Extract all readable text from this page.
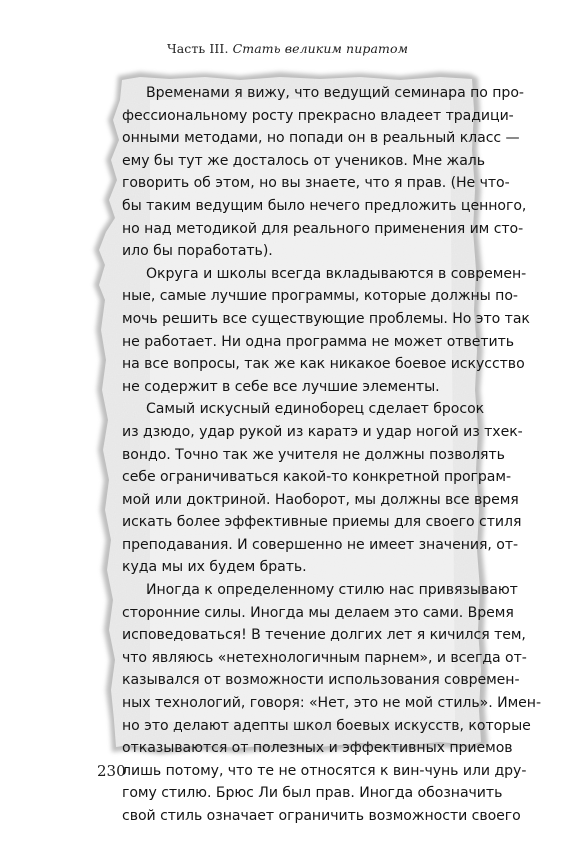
Часть III. Стать великим пиратом
Временами я вижу, что ведущий семинара по про-
фессиональному росту прекрасно владеет традици-
онными методами, но попади он в реальный класс —
ему бы тут же досталось от учеников. Мне жаль
говорить об этом, но вы знаете, что я прав. (Не что-
бы таким ведущим было нечего предложить ценного,
но над методикой для реального применения им сто-
ило бы поработать).
Округа и школы всегда вкладываются в современ-
ные, самые лучшие программы, которые должны по-
мочь решить все существующие проблемы. Но это так
не работает. Ни одна программа не может ответить
на все вопросы, так же как никакое боевое искусство
не содержит в себе все лучшие элементы.
Самый искусный единоборец сделает бросок
из дзюдо, удар рукой из каратэ и удар ногой из тхек-
вондо. Точно так же учителя не должны позволять
себе ограничиваться какой-то конкретной програм-
мой или доктриной. Наоборот, мы должны все время
искать более эффективные приемы для своего стиля
преподавания. И совершенно не имеет значения, от-
куда мы их будем брать.
Иногда к определенному стилю нас привязывают
сторонние силы. Иногда мы делаем это сами. Время
исповедоваться! В течение долгих лет я кичился тем,
что являюсь «нетехнологичным парнем», и всегда от-
казывался от возможности использования современ-
ных технологий, говоря: «Нет, это не мой стиль». Имен-
но это делают адепты школ боевых искусств, которые
отказываются от полезных и эффективных приемов
лишь потому, что те не относятся к вин-чунь или дру-
гому стилю. Брюс Ли был прав. Иногда обозначить
свой стиль означает ограничить возможности своего
230
